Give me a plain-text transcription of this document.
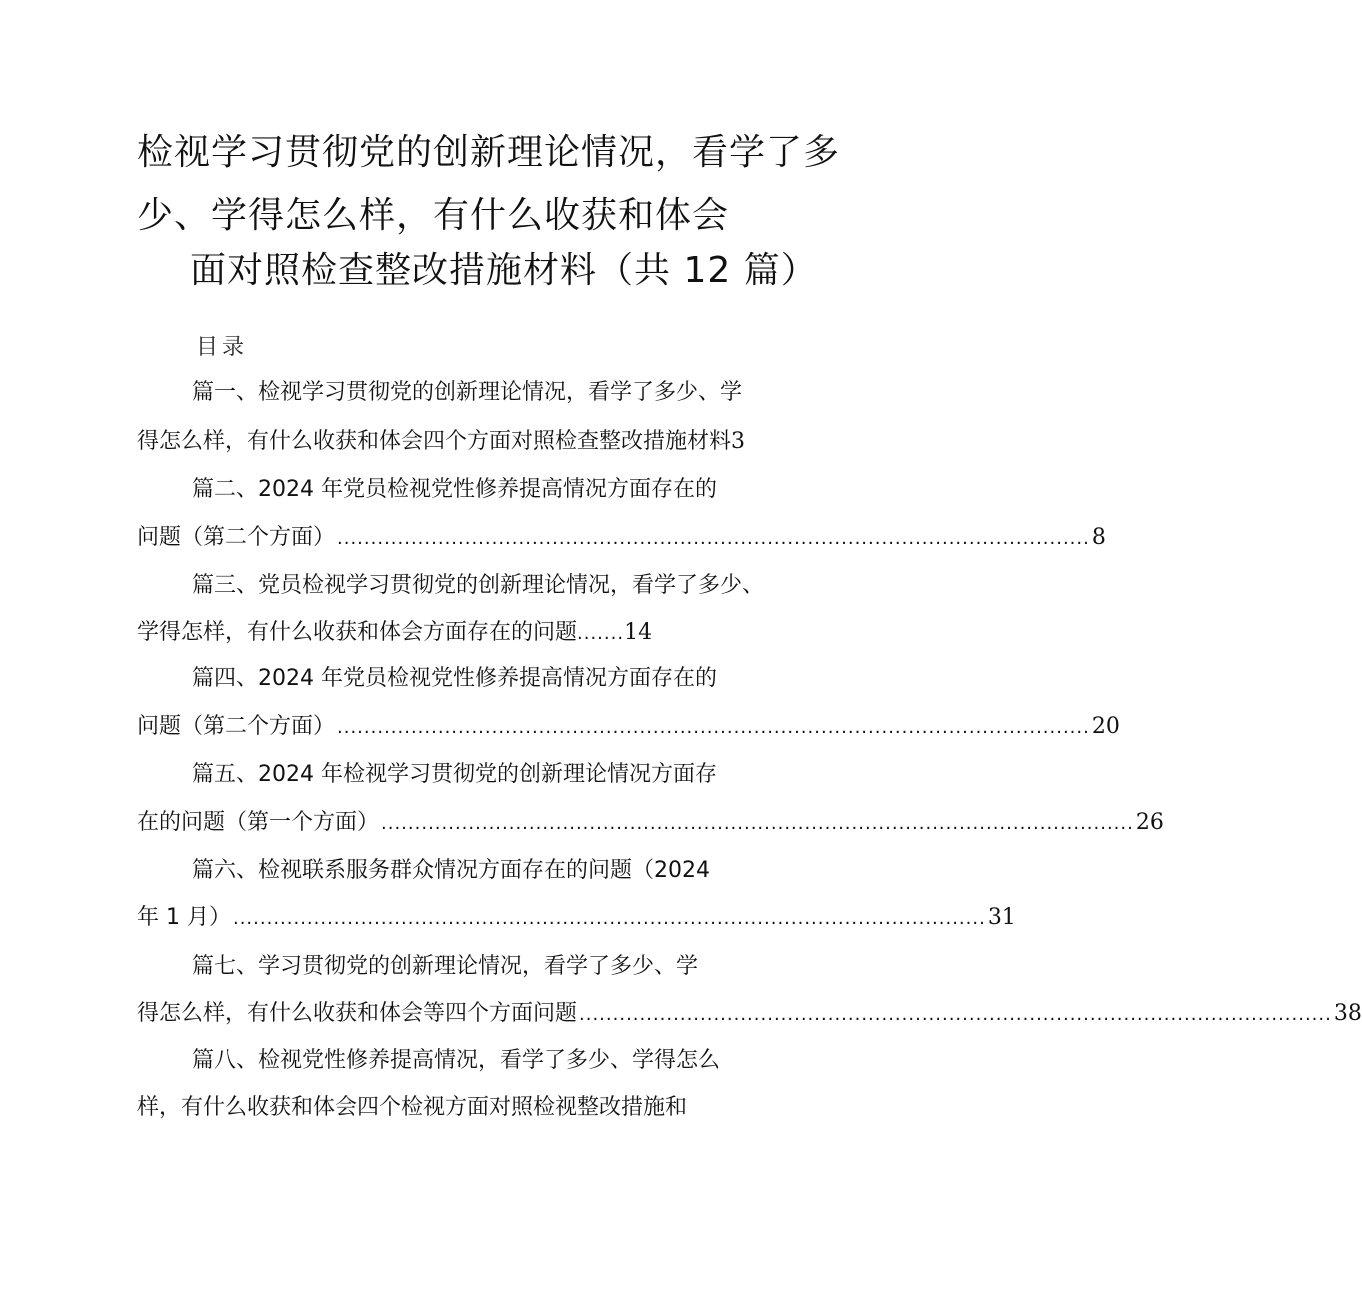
检视学习贯彻党的创新理论情况，看学了多
少、学得怎么样，有什么收获和体会
面对照检查整改措施材料（共 12 篇）
目录
篇一、检视学习贯彻党的创新理论情况，看学了多少、学
得怎么样，有什么收获和体会四个方面对照检查整改措施材料3
篇二、2024 年党员检视党性修养提高情况方面存在的
问题（第二个方面） ................................................................................................................ 8
篇三、党员检视学习贯彻党的创新理论情况，看学了多少、
学得怎样，有什么收获和体会方面存在的问题.......14
篇四、2024 年党员检视党性修养提高情况方面存在的
问题（第二个方面） ................................................................................................................ 20
篇五、2024 年检视学习贯彻党的创新理论情况方面存
在的问题（第一个方面） ................................................................................................................ 26
篇六、检视联系服务群众情况方面存在的问题（2024
年 1 月） ................................................................................................................ 31
篇七、学习贯彻党的创新理论情况，看学了多少、学
得怎么样，有什么收获和体会等四个方面问题 ................................................................................................................ 38
篇八、检视党性修养提高情况，看学了多少、学得怎么
样，有什么收获和体会四个检视方面对照检视整改措施和
